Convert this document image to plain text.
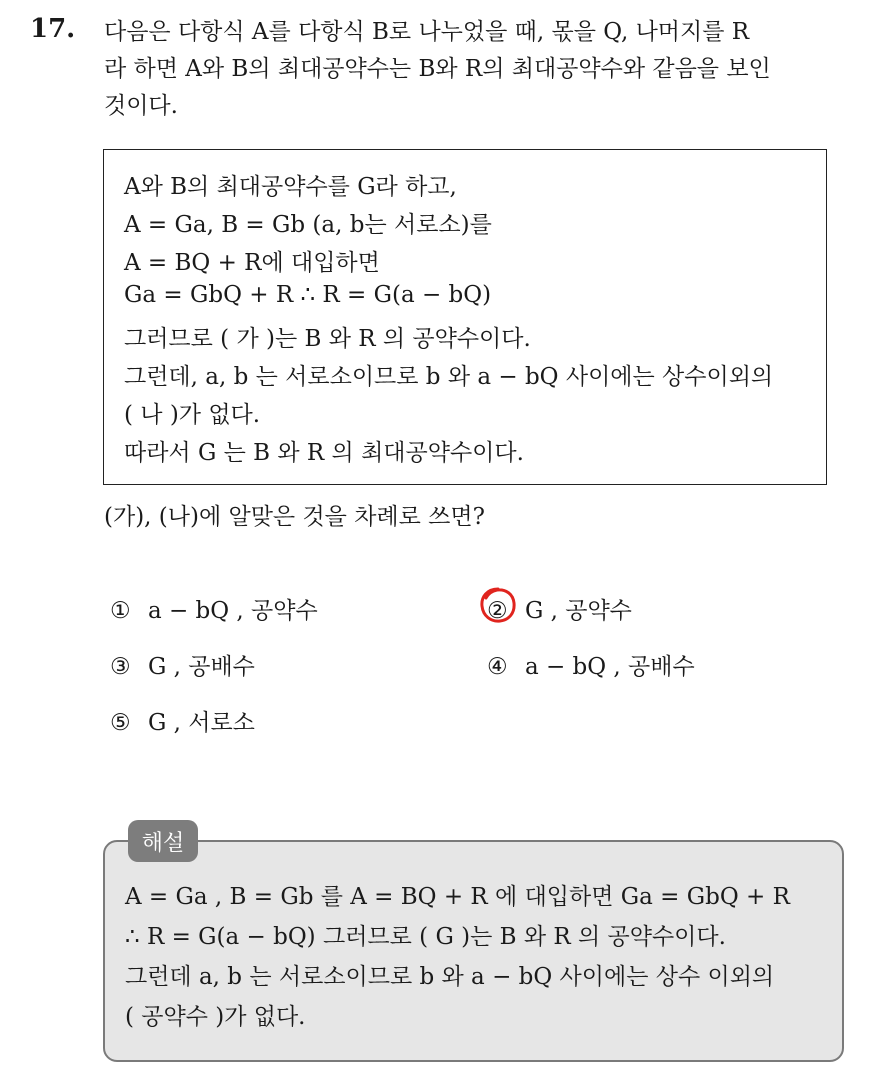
17. 다음은 다항식 A를 다항식 B로 나누었을 때, 몫을 Q, 나머지를 R
라 하면 A와 B의 최대공약수는 B와 R의 최대공약수와 같음을 보인
것이다.
A와 B의 최대공약수를 G라 하고,
A = Ga, B = Gb (a, b는 서로소)를
A = BQ + R에 대입하면
Ga = GbQ + R ∴ R = G(a − bQ)
그러므로 ( 가 )는 B 와 R 의 공약수이다.
그런데, a, b 는 서로소이므로 b 와 a − bQ 사이에는 상수이외의
( 나 )가 없다.
따라서 G 는 B 와 R 의 최대공약수이다.
(가), (나)에 알맞은 것을 차례로 쓰면?
① a − bQ , 공약수	② G , 공약수
③ G , 공배수	④ a − bQ , 공배수
⑤ G , 서로소
A = Ga , B = Gb 를 A = BQ + R 에 대입하면 Ga = GbQ + R
∴ R = G(a − bQ) 그러므로 ( G )는 B 와 R 의 공약수이다.
그런데 a, b 는 서로소이므로 b 와 a − bQ 사이에는 상수 이외의
( 공약수 )가 없다.
해설
